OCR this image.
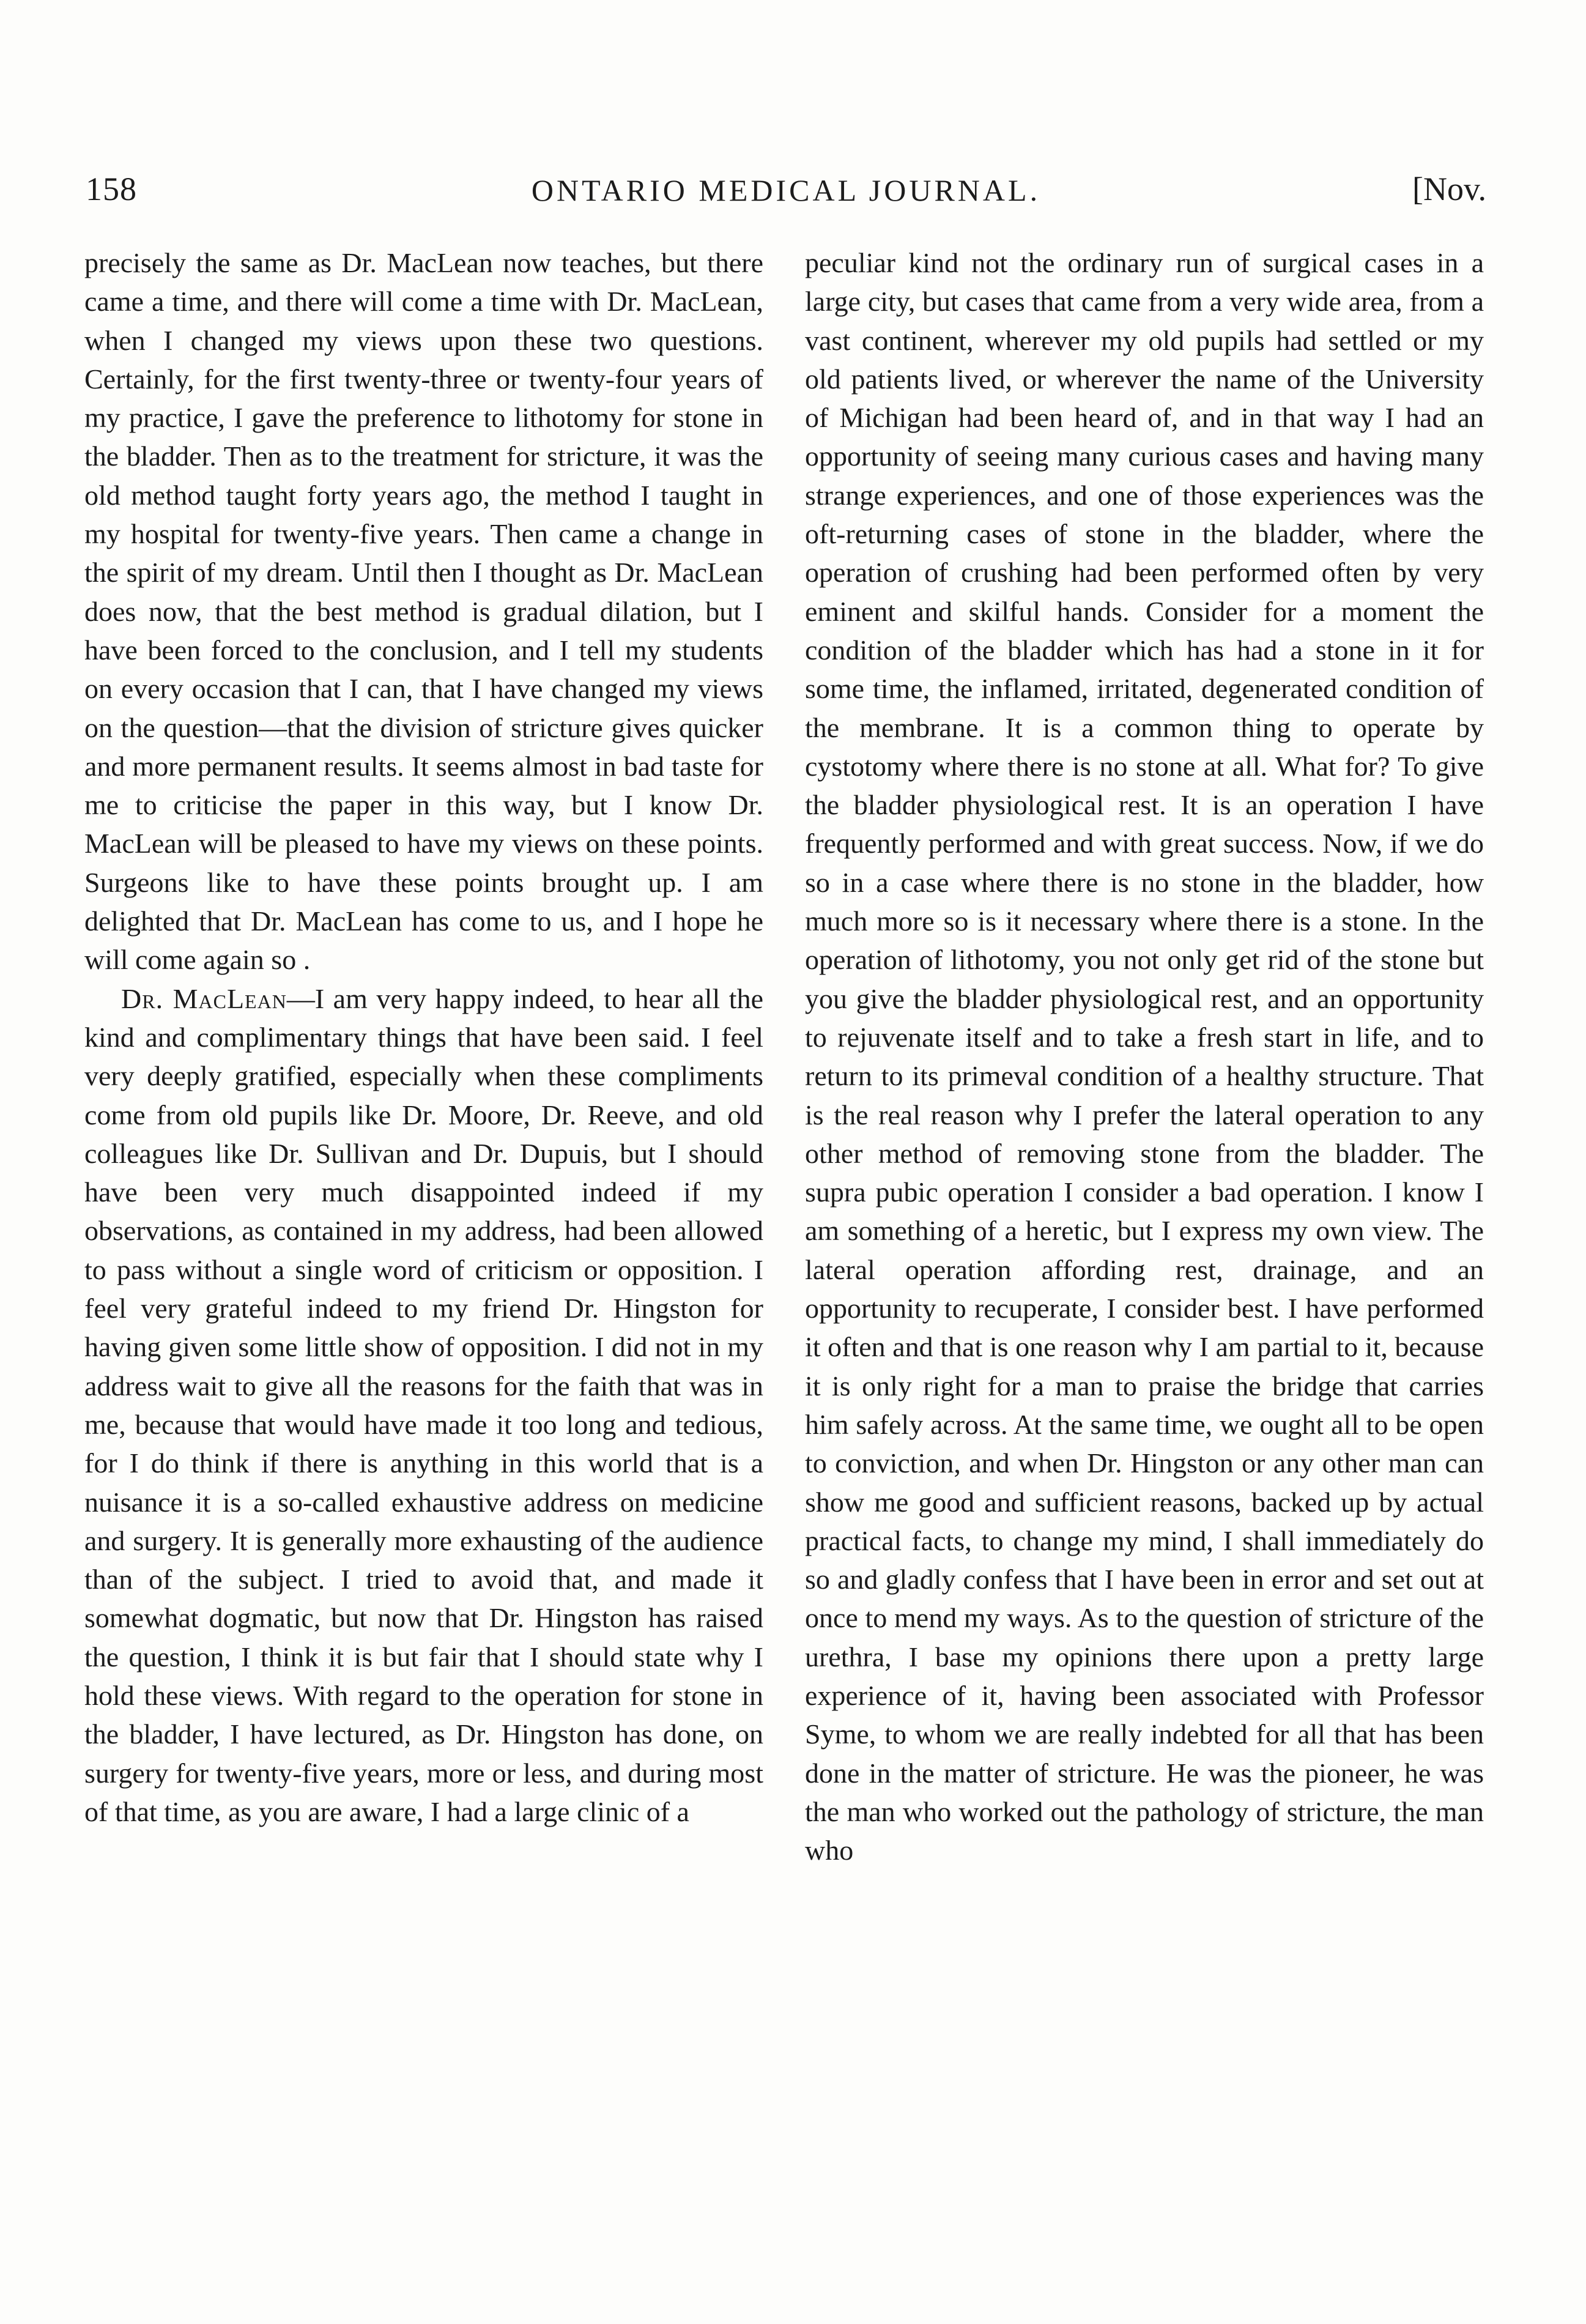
158	ONTARIO MEDICAL JOURNAL.	[Nov.

precisely the same as Dr. MacLean now teaches, but there came a time, and there will come a time with Dr. MacLean, when I changed my views upon these two questions. Certainly, for the first twenty-three or twenty-four years of my practice, I gave the preference to lithotomy for stone in the bladder. Then as to the treatment for stricture, it was the old method taught forty years ago, the method I taught in my hospital for twenty-five years. Then came a change in the spirit of my dream. Until then I thought as Dr. MacLean does now, that the best method is gradual dilation, but I have been forced to the conclusion, and I tell my students on every occasion that I can, that I have changed my views on the question—that the division of stricture gives quicker and more permanent results. It seems almost in bad taste for me to criticise the paper in this way, but I know Dr. MacLean will be pleased to have my views on these points. Surgeons like to have these points brought up. I am delighted that Dr. MacLean has come to us, and I hope he will come again so .

Dr. MacLean—I am very happy indeed, to hear all the kind and complimentary things that have been said. I feel very deeply gratified, especially when these compliments come from old pupils like Dr. Moore, Dr. Reeve, and old colleagues like Dr. Sullivan and Dr. Dupuis, but I should have been very much disappointed indeed if my observations, as contained in my address, had been allowed to pass without a single word of criticism or opposition. I feel very grateful indeed to my friend Dr. Hingston for having given some little show of opposition. I did not in my address wait to give all the reasons for the faith that was in me, because that would have made it too long and tedious, for I do think if there is anything in this world that is a nuisance it is a so-called exhaustive address on medicine and surgery. It is generally more exhausting of the audience than of the subject. I tried to avoid that, and made it somewhat dogmatic, but now that Dr. Hingston has raised the question, I think it is but fair that I should state why I hold these views. With regard to the operation for stone in the bladder, I have lectured, as Dr. Hingston has done, on surgery for twenty-five years, more or less, and during most of that time, as you are aware, I had a large clinic of a

peculiar kind not the ordinary run of surgical cases in a large city, but cases that came from a very wide area, from a vast continent, wherever my old pupils had settled or my old patients lived, or wherever the name of the University of Michigan had been heard of, and in that way I had an opportunity of seeing many curious cases and having many strange experiences, and one of those experiences was the oft-returning cases of stone in the bladder, where the operation of crushing had been performed often by very eminent and skilful hands. Consider for a moment the condition of the bladder which has had a stone in it for some time, the inflamed, irritated, degenerated condition of the membrane. It is a common thing to operate by cystotomy where there is no stone at all. What for? To give the bladder physiological rest. It is an operation I have frequently performed and with great success. Now, if we do so in a case where there is no stone in the bladder, how much more so is it necessary where there is a stone. In the operation of lithotomy, you not only get rid of the stone but you give the bladder physiological rest, and an opportunity to rejuvenate itself and to take a fresh start in life, and to return to its primeval condition of a healthy structure. That is the real reason why I prefer the lateral operation to any other method of removing stone from the bladder. The supra pubic operation I consider a bad operation. I know I am something of a heretic, but I express my own view. The lateral operation affording rest, drainage, and an opportunity to recuperate, I consider best. I have performed it often and that is one reason why I am partial to it, because it is only right for a man to praise the bridge that carries him safely across. At the same time, we ought all to be open to conviction, and when Dr. Hingston or any other man can show me good and sufficient reasons, backed up by actual practical facts, to change my mind, I shall immediately do so and gladly confess that I have been in error and set out at once to mend my ways. As to the question of stricture of the urethra, I base my opinions there upon a pretty large experience of it, having been associated with Professor Syme, to whom we are really indebted for all that has been done in the matter of stricture. He was the pioneer, he was the man who worked out the pathology of stricture, the man who
